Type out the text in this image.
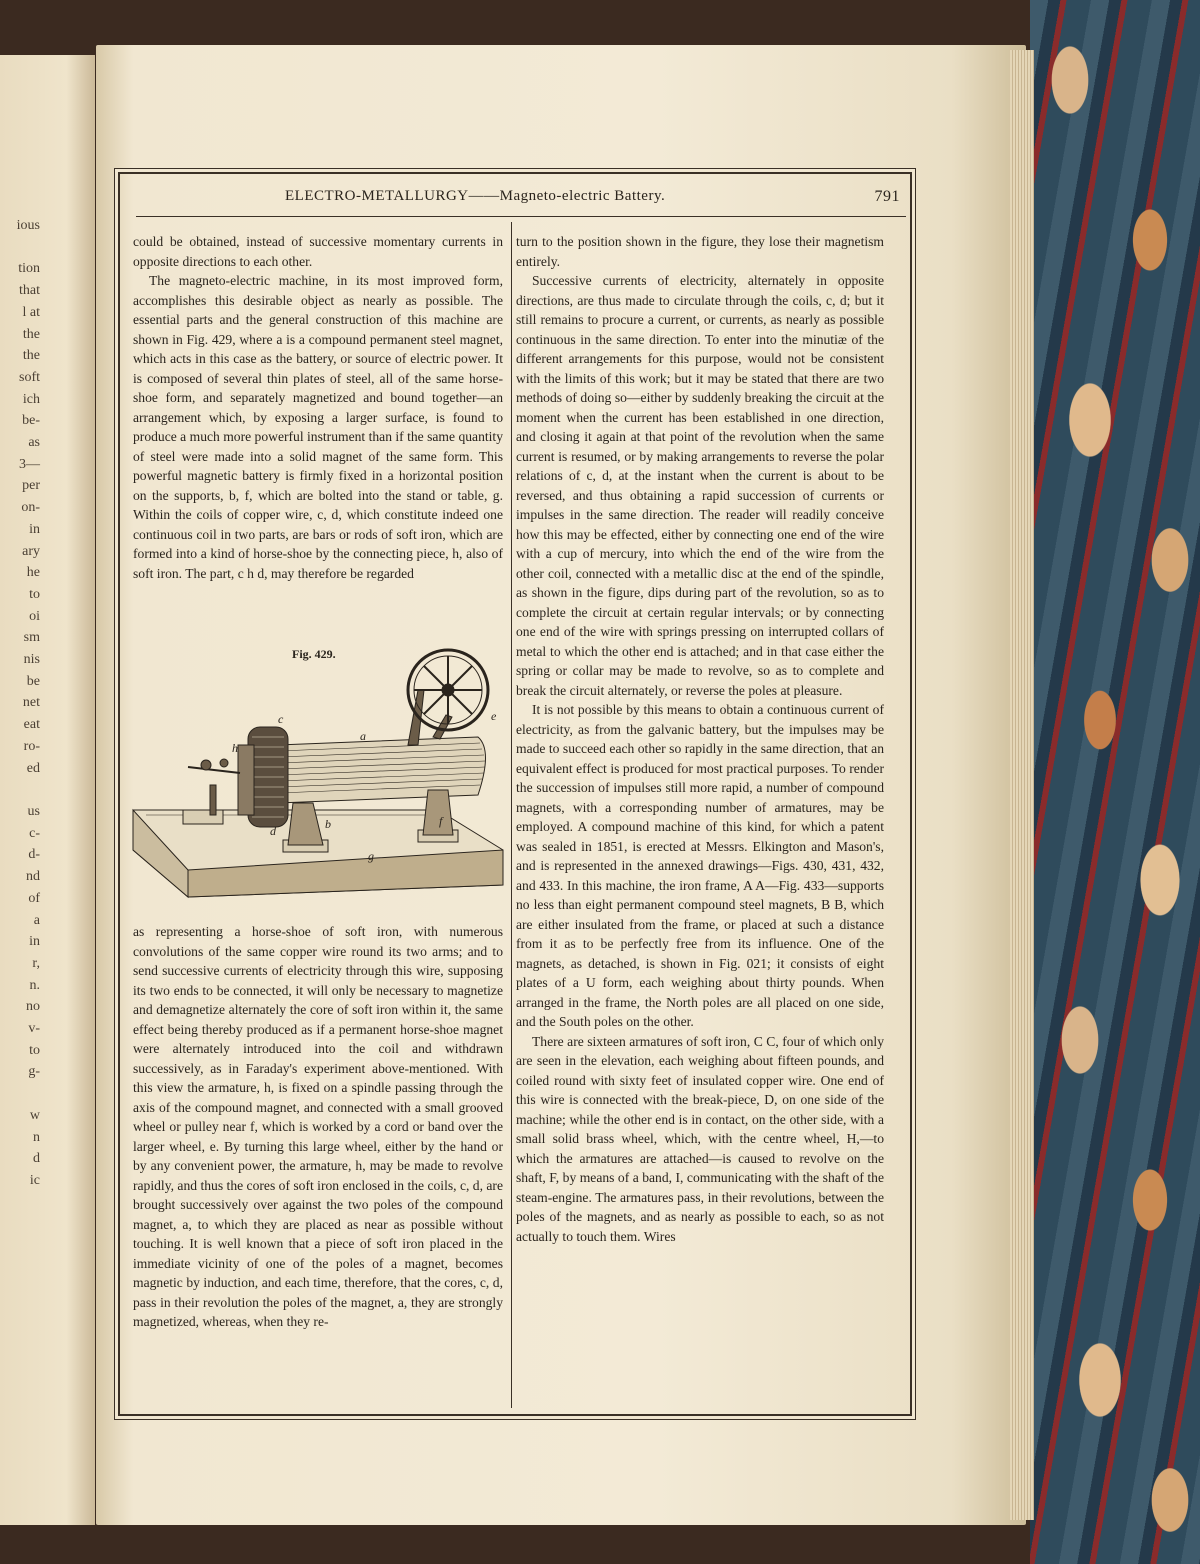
ious

tion
that
l at
the
the
soft
ich
be-
as
3—
per
on-
in
ary
he
to
oi
sm
nis
be
net
eat
ro-
ed

us
c-
d-
nd
of
a
in
r,
n.
no
v-
to
g-

w
n
d
ic
ELECTRO-METALLURGY——Magneto-electric Battery.	791

could be obtained, instead of successive momentary currents in opposite directions to each other.

The magneto-electric machine, in its most improved form, accomplishes this desirable object as nearly as possible. The essential parts and the general construction of this machine are shown in Fig. 429, where a is a compound permanent steel magnet, which acts in this case as the battery, or source of electric power. It is composed of several thin plates of steel, all of the same horse-shoe form, and separately magnetized and bound together—an arrangement which, by exposing a larger surface, is found to produce a much more powerful instrument than if the same quantity of steel were made into a solid magnet of the same form. This powerful magnetic battery is firmly fixed in a horizontal position on the supports, b, f, which are bolted into the stand or table, g. Within the coils of copper wire, c, d, which constitute indeed one continuous coil in two parts, are bars or rods of soft iron, which are formed into a kind of horse-shoe by the connecting piece, h, also of soft iron. The part, c h d, may therefore be regarded

Fig. 429.
c
a
e
h
d	b	f
g

as representing a horse-shoe of soft iron, with numerous convolutions of the same copper wire round its two arms; and to send successive currents of electricity through this wire, supposing its two ends to be connected, it will only be necessary to magnetize and demagnetize alternately the core of soft iron within it, the same effect being thereby produced as if a permanent horse-shoe magnet were alternately introduced into the coil and withdrawn successively, as in Faraday's experiment above-mentioned. With this view the armature, h, is fixed on a spindle passing through the axis of the compound magnet, and connected with a small grooved wheel or pulley near f, which is worked by a cord or band over the larger wheel, e. By turning this large wheel, either by the hand or by any convenient power, the armature, h, may be made to revolve rapidly, and thus the cores of soft iron enclosed in the coils, c, d, are brought successively over against the two poles of the compound magnet, a, to which they are placed as near as possible without touching. It is well known that a piece of soft iron placed in the immediate vicinity of one of the poles of a magnet, becomes magnetic by induction, and each time, therefore, that the cores, c, d, pass in their revolution the poles of the magnet, a, they are strongly magnetized, whereas, when they re-

turn to the position shown in the figure, they lose their magnetism entirely.

Successive currents of electricity, alternately in opposite directions, are thus made to circulate through the coils, c, d; but it still remains to procure a current, or currents, as nearly as possible continuous in the same direction. To enter into the minutiæ of the different arrangements for this purpose, would not be consistent with the limits of this work; but it may be stated that there are two methods of doing so—either by suddenly breaking the circuit at the moment when the current has been established in one direction, and closing it again at that point of the revolution when the same current is resumed, or by making arrangements to reverse the polar relations of c, d, at the instant when the current is about to be reversed, and thus obtaining a rapid succession of currents or impulses in the same direction. The reader will readily conceive how this may be effected, either by connecting one end of the wire with a cup of mercury, into which the end of the wire from the other coil, connected with a metallic disc at the end of the spindle, as shown in the figure, dips during part of the revolution, so as to complete the circuit at certain regular intervals; or by connecting one end of the wire with springs pressing on interrupted collars of metal to which the other end is attached; and in that case either the spring or collar may be made to revolve, so as to complete and break the circuit alternately, or reverse the poles at pleasure.

It is not possible by this means to obtain a continuous current of electricity, as from the galvanic battery, but the impulses may be made to succeed each other so rapidly in the same direction, that an equivalent effect is produced for most practical purposes. To render the succession of impulses still more rapid, a number of compound magnets, with a corresponding number of armatures, may be employed. A compound machine of this kind, for which a patent was sealed in 1851, is erected at Messrs. Elkington and Mason's, and is represented in the annexed drawings—Figs. 430, 431, 432, and 433. In this machine, the iron frame, A A—Fig. 433—supports no less than eight permanent compound steel magnets, B B, which are either insulated from the frame, or placed at such a distance from it as to be perfectly free from its influence. One of the magnets, as detached, is shown in Fig. 021; it consists of eight plates of a U form, each weighing about thirty pounds. When arranged in the frame, the North poles are all placed on one side, and the South poles on the other.

There are sixteen armatures of soft iron, C C, four of which only are seen in the elevation, each weighing about fifteen pounds, and coiled round with sixty feet of insulated copper wire. One end of this wire is connected with the break-piece, D, on one side of the machine; while the other end is in contact, on the other side, with a small solid brass wheel, which, with the centre wheel, H,—to which the armatures are attached—is caused to revolve on the shaft, F, by means of a band, I, communicating with the shaft of the steam-engine. The armatures pass, in their revolutions, between the poles of the magnets, and as nearly as possible to each, so as not actually to touch them. Wires
